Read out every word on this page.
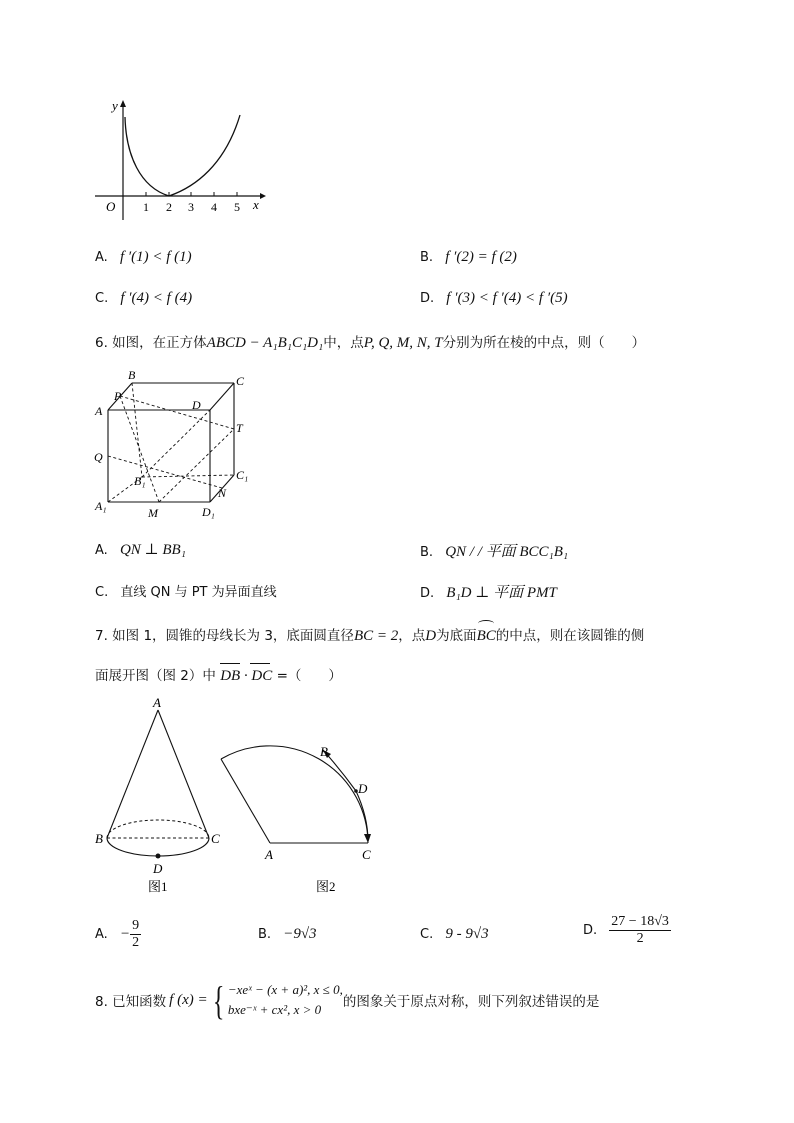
y
x
O 1 2 3 4 5
A. f ′(1) < f (1)	B. f ′(2) = f (2)
C. f ′(4) < f (4)	D. f ′(3) < f ′(4) < f ′(5)
6. 如图，在正方体ABCD − A₁B₁C₁D₁中，点P, Q, M, N, T分别为所在棱的中点，则（　　）
B	C
A	D
P
T
Q
C₁
B₁
N
A₁	M	D₁
A. QN ⊥ BB₁	B. QN / / 平面 BCC₁B₁
C. 直线 QN 与 PT 为异面直线	D. B₁D ⊥ 平面 PMT
7. 如图 1，圆锥的母线长为 3，底面圆直径BC = 2，点D为底面
BC的中点，则在该圆锥的侧
面展开图（图 2）中 DB · DC =（　　）
A
B	C
D
图1
B
D
A	C
图2
A. − $\frac{9}{2}$	B. −9√3	C. 9 - 9√3	D. $\frac{27 - 18√3}{2}$
8. 已知函数 f (x) = { −xeˣ − (x + a)², x ≤ 0,
bxe⁻ˣ + cx², x > 0	的图象关于原点对称，则下列叙述错误的是
